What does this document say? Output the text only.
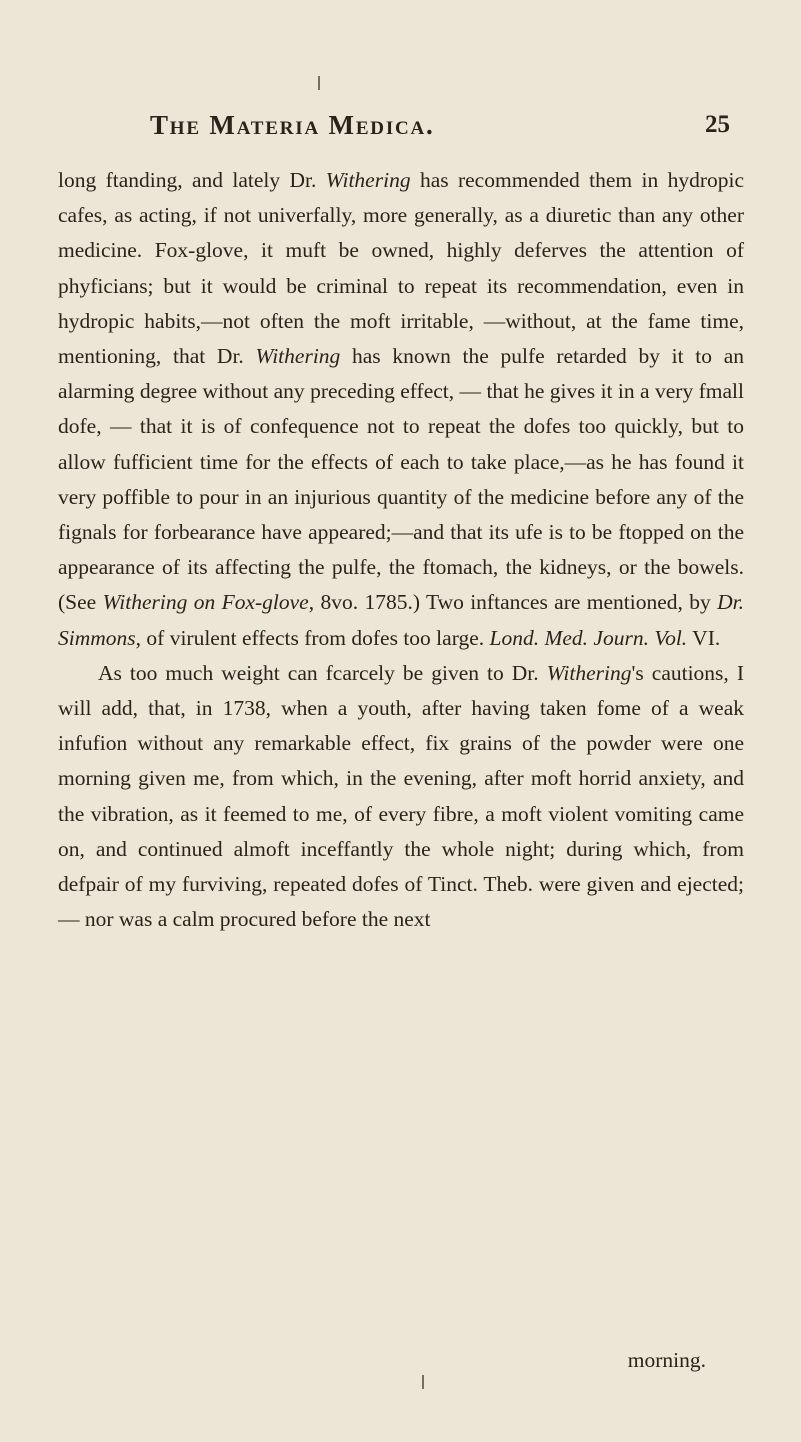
The Materia Medica.	25

long ftanding, and lately Dr. Withering has recommended them in hydropic cafes, as acting, if not univerfally, more generally, as a diuretic than any other medicine. Fox-glove, it muft be owned, highly deferves the attention of phyficians; but it would be criminal to repeat its recommendation, even in hydropic habits,—not often the moft irritable, —without, at the fame time, mentioning, that Dr. Withering has known the pulfe retarded by it to an alarming degree without any preceding effect, — that he gives it in a very fmall dofe, — that it is of confequence not to repeat the dofes too quickly, but to allow fufficient time for the effects of each to take place,—as he has found it very poffible to pour in an injurious quantity of the medicine before any of the fignals for forbearance have appeared;—and that its ufe is to be ftopped on the appearance of its affecting the pulfe, the ftomach, the kidneys, or the bowels. (See Withering on Fox-glove, 8vo. 1785.) Two inftances are mentioned, by Dr. Simmons, of virulent effects from dofes too large. Lond. Med. Journ. Vol. VI.

As too much weight can fcarcely be given to Dr. Withering's cautions, I will add, that, in 1738, when a youth, after having taken fome of a weak infufion without any remarkable effect, fix grains of the powder were one morning given me, from which, in the evening, after moft horrid anxiety, and the vibration, as it feemed to me, of every fibre, a moft violent vomiting came on, and continued almoft inceffantly the whole night; during which, from defpair of my furviving, repeated dofes of Tinct. Theb. were given and ejected;— nor was a calm procured before the next

morning.
